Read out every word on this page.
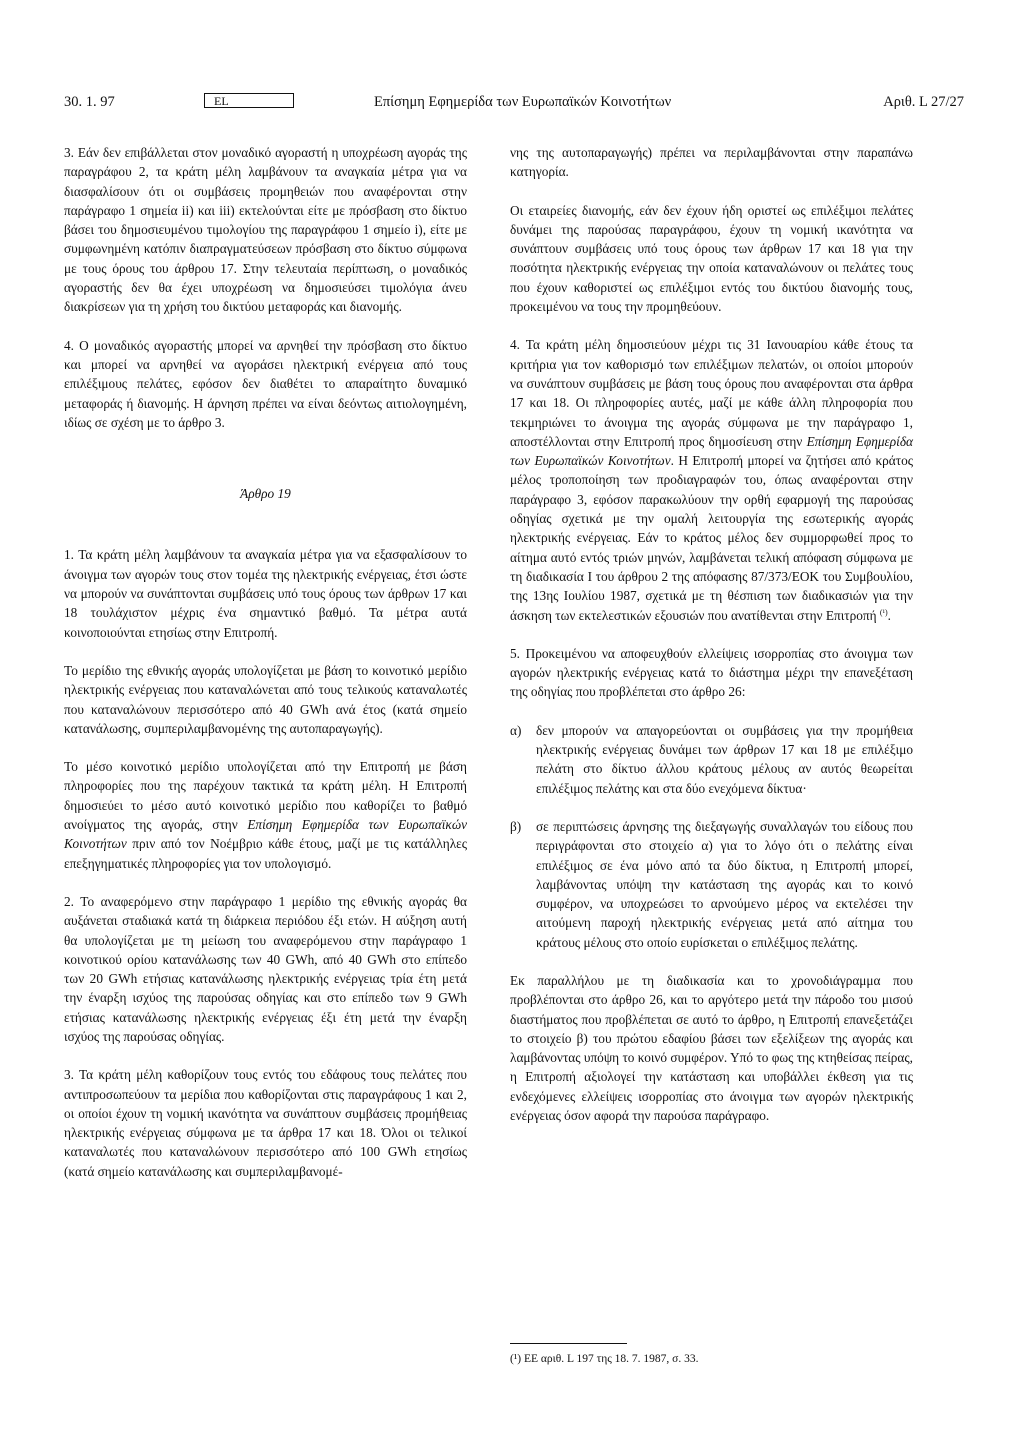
30. 1. 97	EL	Επίσημη Εφημερίδα των Ευρωπαϊκών Κοινοτήτων	Αριθ. L 27/27

3. Εάν δεν επιβάλλεται στον μοναδικό αγοραστή η υποχρέωση αγοράς της παραγράφου 2, τα κράτη μέλη λαμβάνουν τα αναγκαία μέτρα για να διασφαλίσουν ότι οι συμβάσεις προμηθειών που αναφέρονται στην παράγραφο 1 σημεία ii) και iii) εκτελούνται είτε με πρόσβαση στο δίκτυο βάσει του δημοσιευμένου τιμολογίου της παραγράφου 1 σημείο i), είτε με συμφωνημένη κατόπιν διαπραγματεύσεων πρόσβαση στο δίκτυο σύμφωνα με τους όρους του άρθρου 17. Στην τελευταία περίπτωση, ο μοναδικός αγοραστής δεν θα έχει υποχρέωση να δημοσιεύσει τιμολόγια άνευ διακρίσεων για τη χρήση του δικτύου μεταφοράς και διανομής.

4. Ο μοναδικός αγοραστής μπορεί να αρνηθεί την πρόσβαση στο δίκτυο και μπορεί να αρνηθεί να αγοράσει ηλεκτρική ενέργεια από τους επιλέξιμους πελάτες, εφόσον δεν διαθέτει το απαραίτητο δυναμικό μεταφοράς ή διανομής. Η άρνηση πρέπει να είναι δεόντως αιτιολογημένη, ιδίως σε σχέση με το άρθρο 3.

Άρθρο 19

1. Τα κράτη μέλη λαμβάνουν τα αναγκαία μέτρα για να εξασφαλίσουν το άνοιγμα των αγορών τους στον τομέα της ηλεκτρικής ενέργειας, έτσι ώστε να μπορούν να συνάπτονται συμβάσεις υπό τους όρους των άρθρων 17 και 18 τουλάχιστον μέχρις ένα σημαντικό βαθμό. Τα μέτρα αυτά κοινοποιούνται ετησίως στην Επιτροπή.

Το μερίδιο της εθνικής αγοράς υπολογίζεται με βάση το κοινοτικό μερίδιο ηλεκτρικής ενέργειας που καταναλώνεται από τους τελικούς καταναλωτές που καταναλώνουν περισσότερο από 40 GWh ανά έτος (κατά σημείο κατανάλωσης, συμπεριλαμβανομένης της αυτοπαραγωγής).

Το μέσο κοινοτικό μερίδιο υπολογίζεται από την Επιτροπή με βάση πληροφορίες που της παρέχουν τακτικά τα κράτη μέλη. Η Επιτροπή δημοσιεύει το μέσο αυτό κοινοτικό μερίδιο που καθορίζει το βαθμό ανοίγματος της αγοράς, στην Επίσημη Εφημερίδα των Ευρωπαϊκών Κοινοτήτων πριν από τον Νοέμβριο κάθε έτους, μαζί με τις κατάλληλες επεξηγηματικές πληροφορίες για τον υπολογισμό.

2. Το αναφερόμενο στην παράγραφο 1 μερίδιο της εθνικής αγοράς θα αυξάνεται σταδιακά κατά τη διάρκεια περιόδου έξι ετών. Η αύξηση αυτή θα υπολογίζεται με τη μείωση του αναφερόμενου στην παράγραφο 1 κοινοτικού ορίου κατανάλωσης των 40 GWh, από 40 GWh στο επίπεδο των 20 GWh ετήσιας κατανάλωσης ηλεκτρικής ενέργειας τρία έτη μετά την έναρξη ισχύος της παρούσας οδηγίας και στο επίπεδο των 9 GWh ετήσιας κατανάλωσης ηλεκτρικής ενέργειας έξι έτη μετά την έναρξη ισχύος της παρούσας οδηγίας.

3. Τα κράτη μέλη καθορίζουν τους εντός του εδάφους τους πελάτες που αντιπροσωπεύουν τα μερίδια που καθορίζονται στις παραγράφους 1 και 2, οι οποίοι έχουν τη νομική ικανότητα να συνάπτουν συμβάσεις προμήθειας ηλεκτρικής ενέργειας σύμφωνα με τα άρθρα 17 και 18. Όλοι οι τελικοί καταναλωτές που καταναλώνουν περισσότερο από 100 GWh ετησίως (κατά σημείο κατανάλωσης και συμπεριλαμβανομέ-

νης της αυτοπαραγωγής) πρέπει να περιλαμβάνονται στην παραπάνω κατηγορία.

Οι εταιρείες διανομής, εάν δεν έχουν ήδη οριστεί ως επιλέξιμοι πελάτες δυνάμει της παρούσας παραγράφου, έχουν τη νομική ικανότητα να συνάπτουν συμβάσεις υπό τους όρους των άρθρων 17 και 18 για την ποσότητα ηλεκτρικής ενέργειας την οποία καταναλώνουν οι πελάτες τους που έχουν καθοριστεί ως επιλέξιμοι εντός του δικτύου διανομής τους, προκειμένου να τους την προμηθεύουν.

4. Τα κράτη μέλη δημοσιεύουν μέχρι τις 31 Ιανουαρίου κάθε έτους τα κριτήρια για τον καθορισμό των επιλέξιμων πελατών, οι οποίοι μπορούν να συνάπτουν συμβάσεις με βάση τους όρους που αναφέρονται στα άρθρα 17 και 18. Οι πληροφορίες αυτές, μαζί με κάθε άλλη πληροφορία που τεκμηριώνει το άνοιγμα της αγοράς σύμφωνα με την παράγραφο 1, αποστέλλονται στην Επιτροπή προς δημοσίευση στην Επίσημη Εφημερίδα των Ευρωπαϊκών Κοινοτήτων. Η Επιτροπή μπορεί να ζητήσει από κράτος μέλος τροποποίηση των προδιαγραφών του, όπως αναφέρονται στην παράγραφο 3, εφόσον παρακωλύουν την ορθή εφαρμογή της παρούσας οδηγίας σχετικά με την ομαλή λειτουργία της εσωτερικής αγοράς ηλεκτρικής ενέργειας. Εάν το κράτος μέλος δεν συμμορφωθεί προς το αίτημα αυτό εντός τριών μηνών, λαμβάνεται τελική απόφαση σύμφωνα με τη διαδικασία I του άρθρου 2 της απόφασης 87/373/ΕΟΚ του Συμβουλίου, της 13ης Ιουλίου 1987, σχετικά με τη θέσπιση των διαδικασιών για την άσκηση των εκτελεστικών εξουσιών που ανατίθενται στην Επιτροπή $^{(^1)}$.

5. Προκειμένου να αποφευχθούν ελλείψεις ισορροπίας στο άνοιγμα των αγορών ηλεκτρικής ενέργειας κατά το διάστημα μέχρι την επανεξέταση της οδηγίας που προβλέπεται στο άρθρο 26:

α) δεν μπορούν να απαγορεύονται οι συμβάσεις για την προμήθεια ηλεκτρικής ενέργειας δυνάμει των άρθρων 17 και 18 με επιλέξιμο πελάτη στο δίκτυο άλλου κράτους μέλους αν αυτός θεωρείται επιλέξιμος πελάτης και στα δύο ενεχόμενα δίκτυα·

β) σε περιπτώσεις άρνησης της διεξαγωγής συναλλαγών του είδους που περιγράφονται στο στοιχείο α) για το λόγο ότι ο πελάτης είναι επιλέξιμος σε ένα μόνο από τα δύο δίκτυα, η Επιτροπή μπορεί, λαμβάνοντας υπόψη την κατάσταση της αγοράς και το κοινό συμφέρον, να υποχρεώσει το αρνούμενο μέρος να εκτελέσει την αιτούμενη παροχή ηλεκτρικής ενέργειας μετά από αίτημα του κράτους μέλους στο οποίο ευρίσκεται ο επιλέξιμος πελάτης.

Εκ παραλλήλου με τη διαδικασία και το χρονοδιάγραμμα που προβλέπονται στο άρθρο 26, και το αργότερο μετά την πάροδο του μισού διαστήματος που προβλέπεται σε αυτό το άρθρο, η Επιτροπή επανεξετάζει το στοιχείο β) του πρώτου εδαφίου βάσει των εξελίξεων της αγοράς και λαμβάνοντας υπόψη το κοινό συμφέρον. Υπό το φως της κτηθείσας πείρας, η Επιτροπή αξιολογεί την κατάσταση και υποβάλλει έκθεση για τις ενδεχόμενες ελλείψεις ισορροπίας στο άνοιγμα των αγορών ηλεκτρικής ενέργειας όσον αφορά την παρούσα παράγραφο.

(¹) ΕΕ αριθ. L 197 της 18. 7. 1987, σ. 33.
